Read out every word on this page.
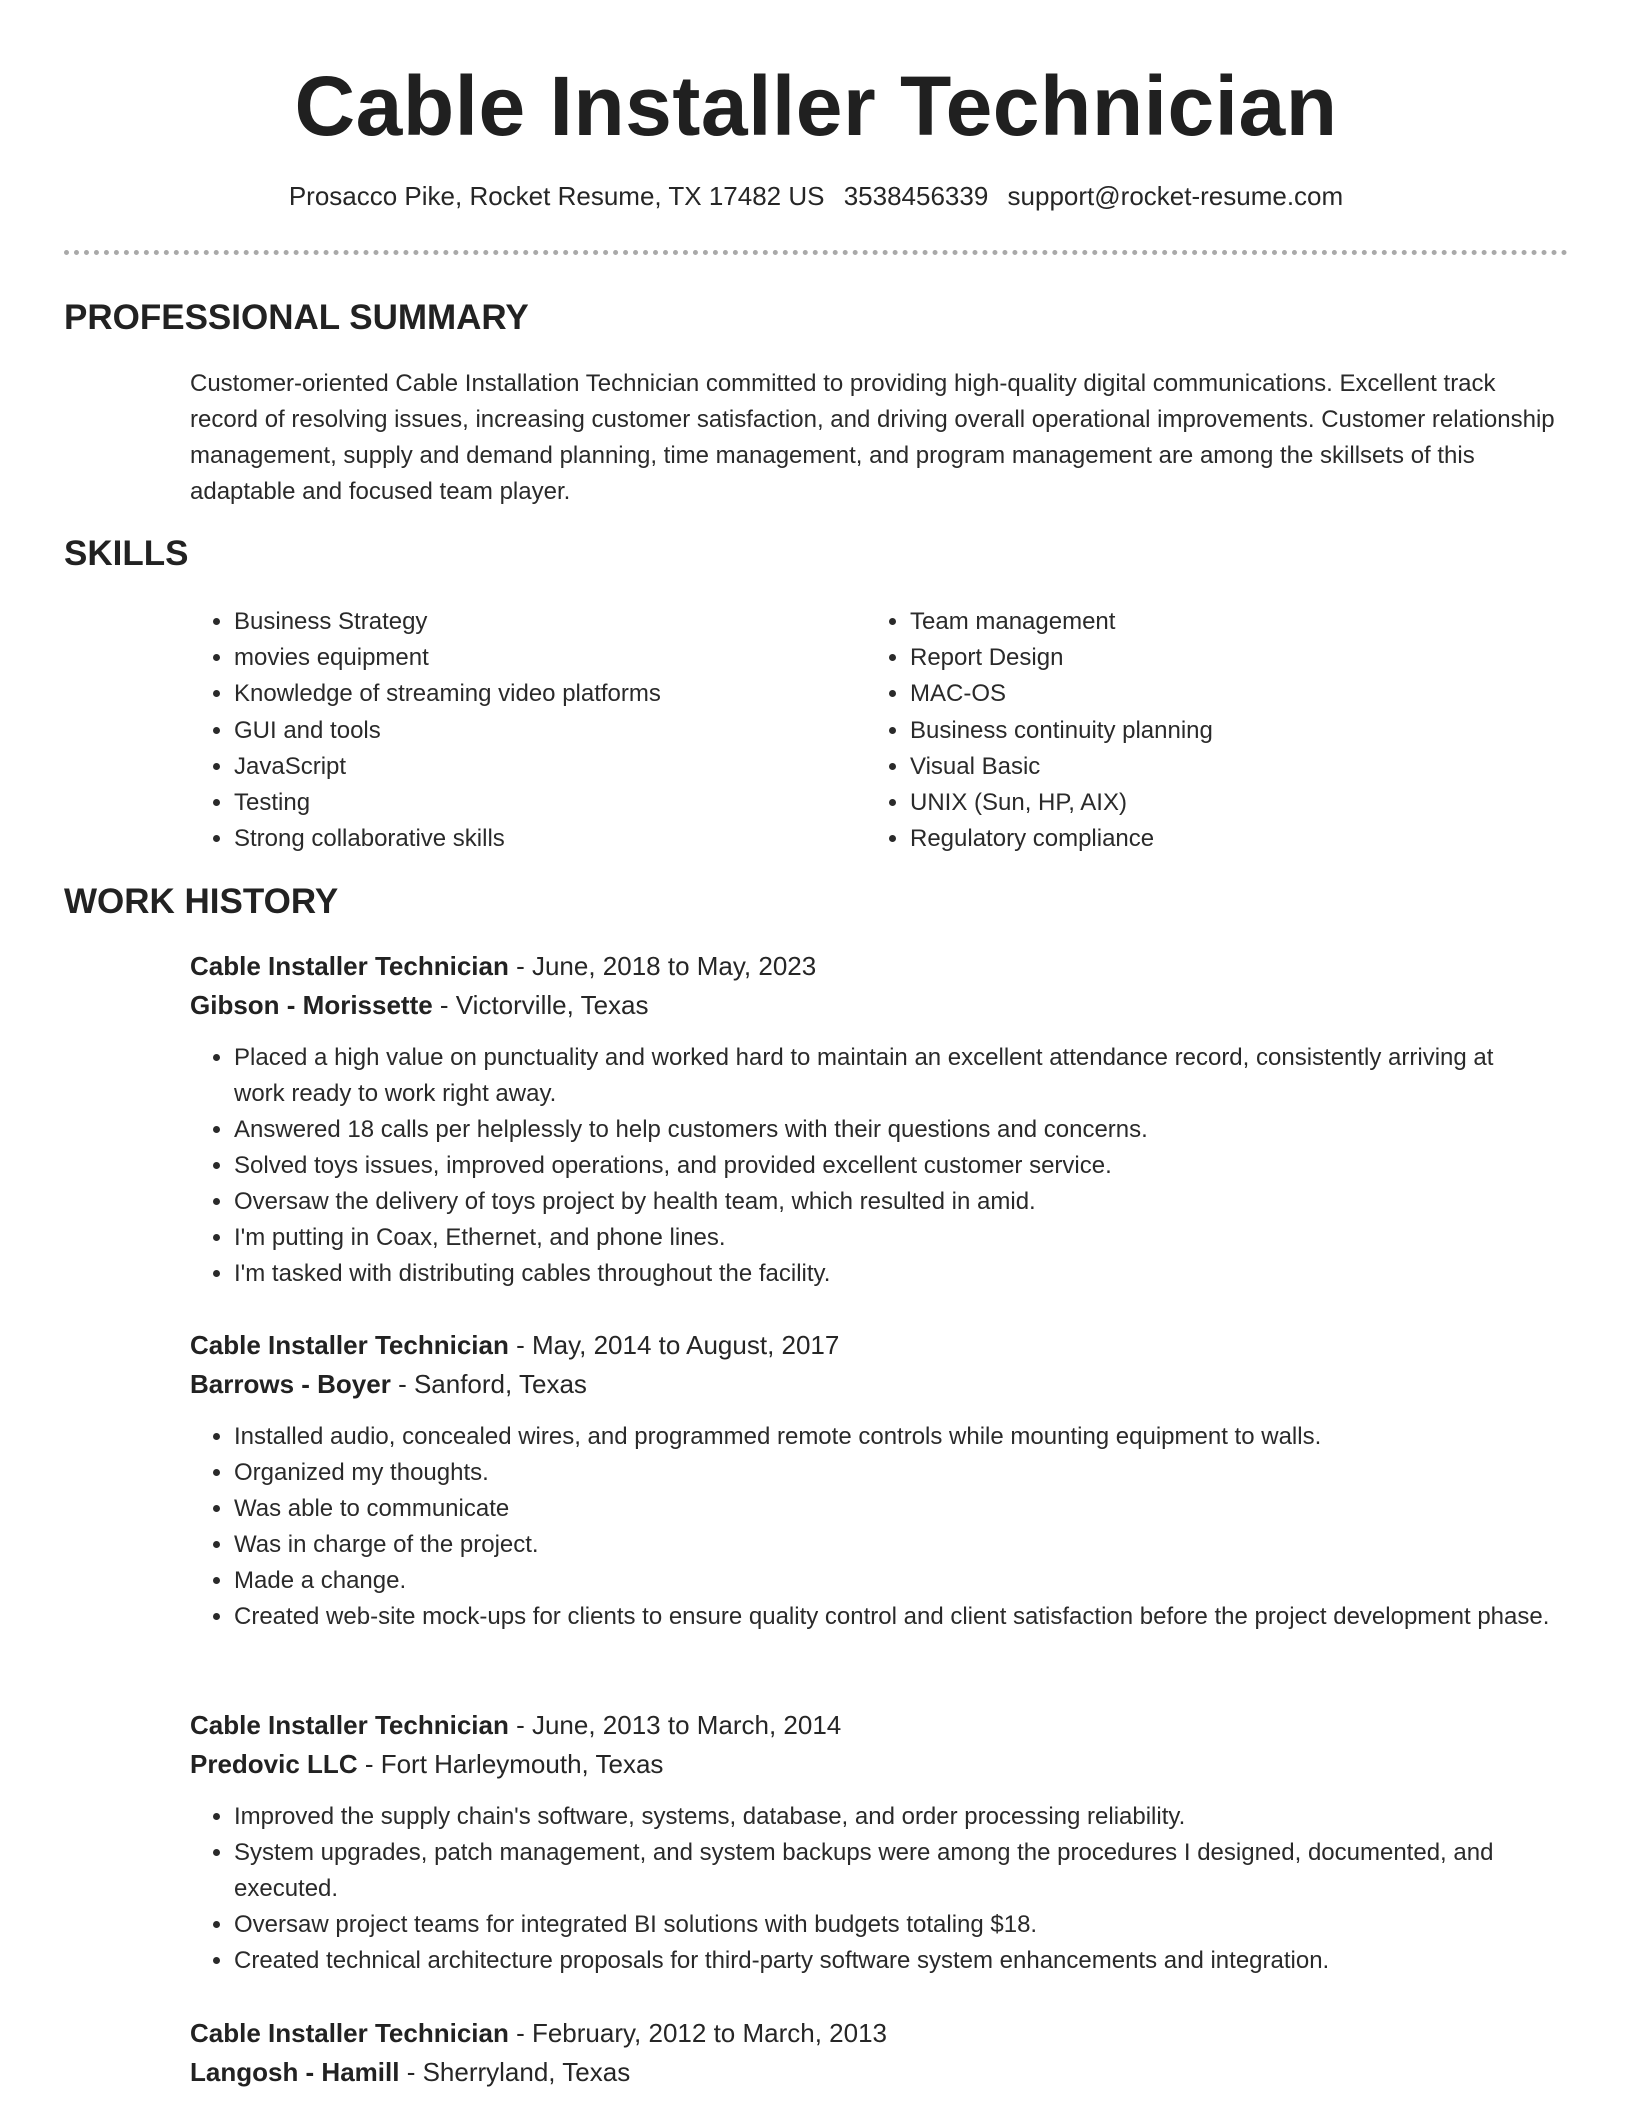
Cable Installer Technician
Prosacco Pike, Rocket Resume, TX 17482 US 3538456339 support@rocket-resume.com
PROFESSIONAL SUMMARY

Customer-oriented Cable Installation Technician committed to providing high-quality digital communications. Excellent track record of resolving issues, increasing customer satisfaction, and driving overall operational improvements. Customer relationship management, supply and demand planning, time management, and program management are among the skillsets of this adaptable and focused team player.

SKILLS
• Business Strategy
• movies equipment
• Knowledge of streaming video platforms
• GUI and tools
• JavaScript
• Testing
• Strong collaborative skills
• Team management
• Report Design
• MAC-OS
• Business continuity planning
• Visual Basic
• UNIX (Sun, HP, AIX)
• Regulatory compliance
WORK HISTORY
Cable Installer Technician - June, 2018 to May, 2023
Gibson - Morissette - Victorville, Texas
• Placed a high value on punctuality and worked hard to maintain an excellent attendance record, consistently arriving at work ready to work right away.
• Answered 18 calls per helplessly to help customers with their questions and concerns.
• Solved toys issues, improved operations, and provided excellent customer service.
• Oversaw the delivery of toys project by health team, which resulted in amid.
• I'm putting in Coax, Ethernet, and phone lines.
• I'm tasked with distributing cables throughout the facility.
Cable Installer Technician - May, 2014 to August, 2017
Barrows - Boyer - Sanford, Texas
• Installed audio, concealed wires, and programmed remote controls while mounting equipment to walls.
• Organized my thoughts.
• Was able to communicate
• Was in charge of the project.
• Made a change.
• Created web-site mock-ups for clients to ensure quality control and client satisfaction before the project development phase.
Cable Installer Technician - June, 2013 to March, 2014
Predovic LLC - Fort Harleymouth, Texas
• Improved the supply chain's software, systems, database, and order processing reliability.
• System upgrades, patch management, and system backups were among the procedures I designed, documented, and executed.
• Oversaw project teams for integrated BI solutions with budgets totaling $18.
• Created technical architecture proposals for third-party software system enhancements and integration.
Cable Installer Technician - February, 2012 to March, 2013
Langosh - Hamill - Sherryland, Texas
